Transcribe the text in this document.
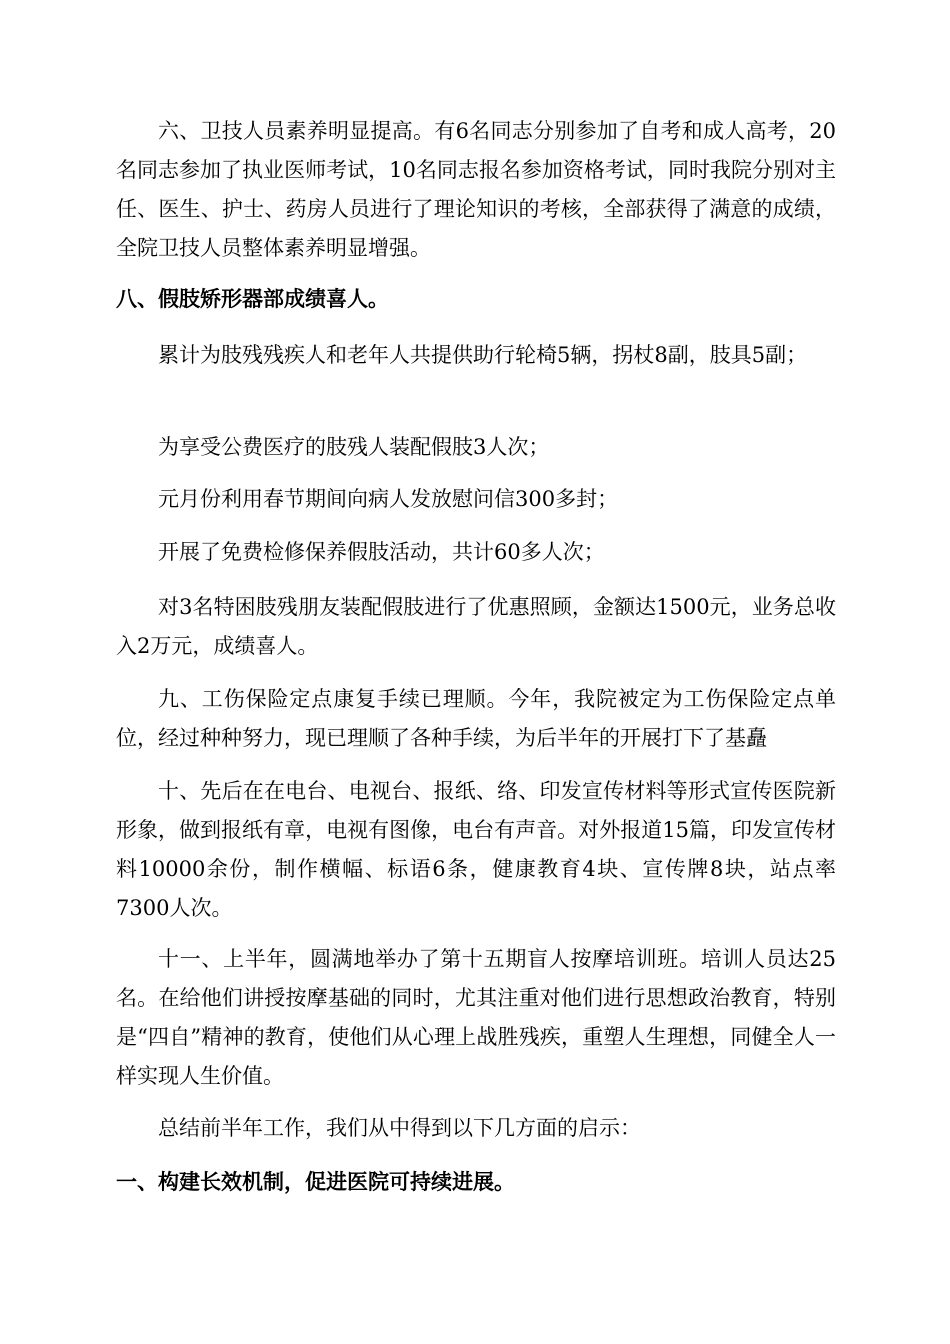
六、卫技人员素养明显提高。有6名同志分别参加了自考和成人高考，20名同志参加了执业医师考试，10名同志报名参加资格考试，同时我院分别对主任、医生、护士、药房人员进行了理论知识的考核，全部获得了满意的成绩，全院卫技人员整体素养明显增强。

八、假肢矫形器部成绩喜人。

累计为肢残残疾人和老年人共提供助行轮椅5辆，拐杖8副，肢具5副；

为享受公费医疗的肢残人装配假肢3人次；

元月份利用春节期间向病人发放慰问信300多封；

开展了免费检修保养假肢活动，共计60多人次；

对3名特困肢残朋友装配假肢进行了优惠照顾，金额达1500元，业务总收入2万元，成绩喜人。

九、工伤保险定点康复手续已理顺。今年，我院被定为工伤保险定点单位，经过种种努力，现已理顺了各种手续，为后半年的开展打下了基矗

十、先后在在电台、电视台、报纸、络、印发宣传材料等形式宣传医院新形象，做到报纸有章，电视有图像，电台有声音。对外报道15篇，印发宣传材料10000余份，制作横幅、标语6条，健康教育4块、宣传牌8块，站点率7300人次。

十一、上半年，圆满地举办了第十五期盲人按摩培训班。培训人员达25名。在给他们讲授按摩基础的同时，尤其注重对他们进行思想政治教育，特别是“四自”精神的教育，使他们从心理上战胜残疾，重塑人生理想，同健全人一样实现人生价值。

总结前半年工作，我们从中得到以下几方面的启示：

一、构建长效机制，促进医院可持续进展。
